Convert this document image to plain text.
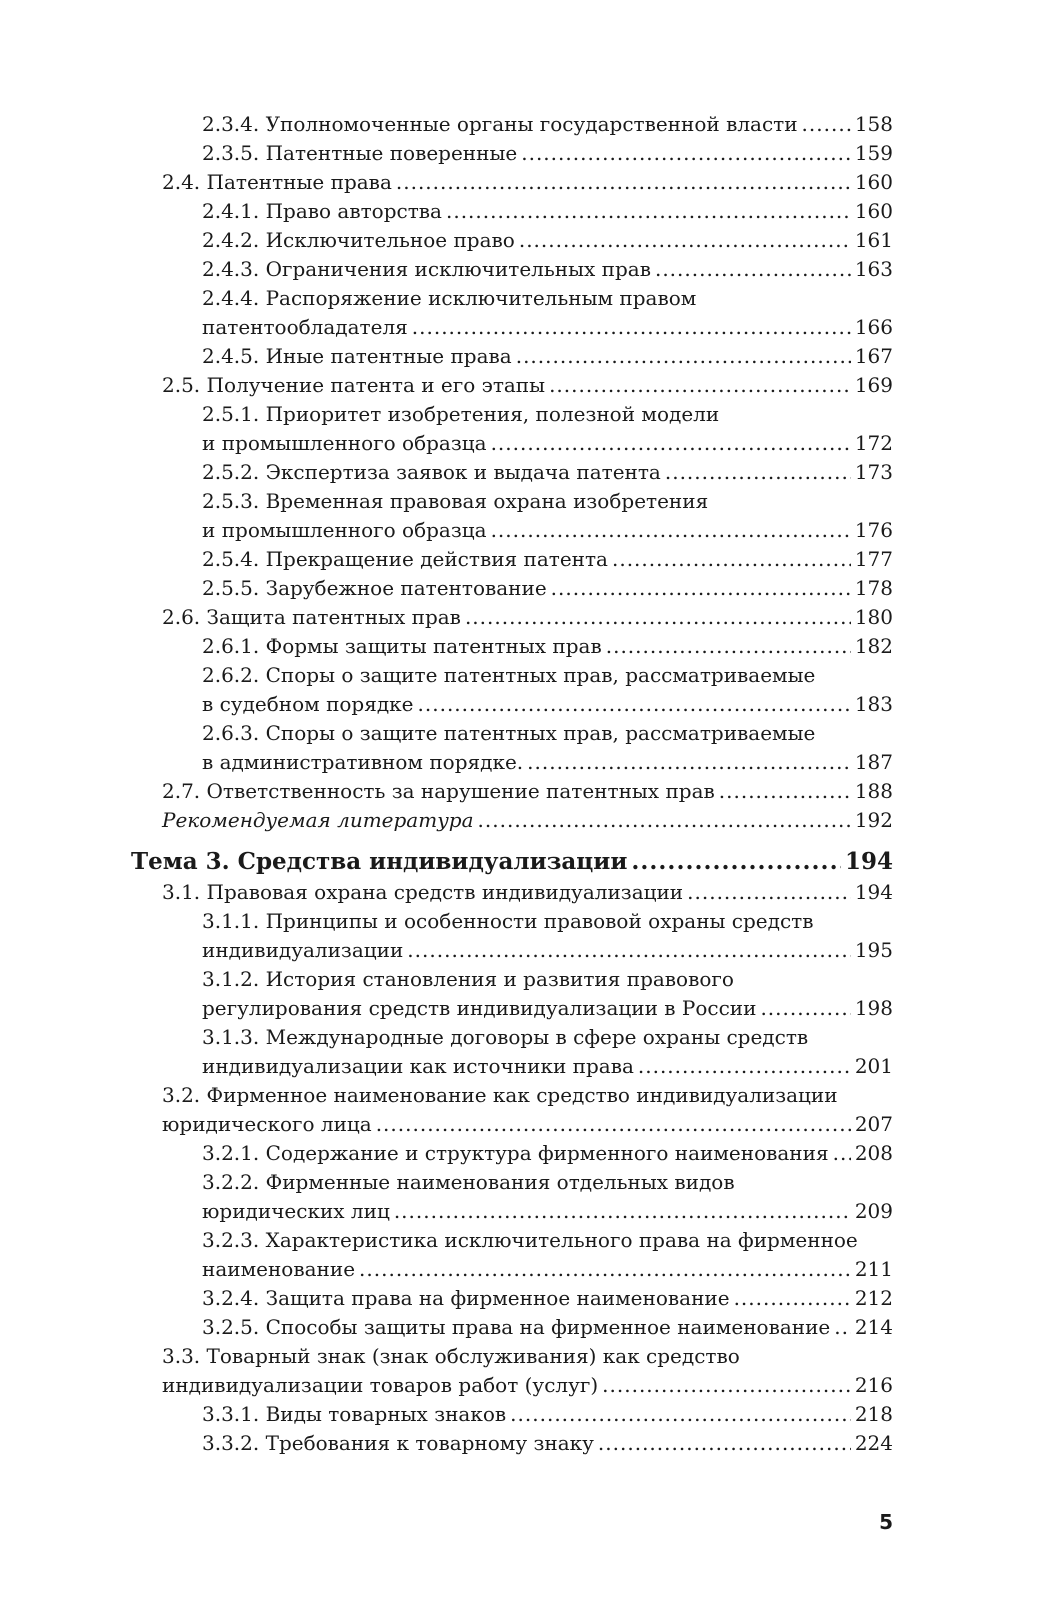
2.3.4. Уполномоченные органы государственной власти .....	158
2.3.5. Патентные поверенные .....	159
2.4. Патентные права .....	160
2.4.1. Право авторства .....	160
2.4.2. Исключительное право .....	161
2.4.3. Ограничения исключительных прав .....	163
2.4.4. Распоряжение исключительным правом
патентообладателя .....	166
2.4.5. Иные патентные права .....	167
2.5. Получение патента и его этапы .....	169
2.5.1. Приоритет изобретения, полезной модели
и промышленного образца .....	172
2.5.2. Экспертиза заявок и выдача патента .....	173
2.5.3. Временная правовая охрана изобретения
и промышленного образца .....	176
2.5.4. Прекращение действия патента .....	177
2.5.5. Зарубежное патентование .....	178
2.6. Защита патентных прав .....	180
2.6.1. Формы защиты патентных прав .....	182
2.6.2. Споры о защите патентных прав, рассматриваемые
в судебном порядке .....	183
2.6.3. Споры о защите патентных прав, рассматриваемые
в административном порядке. .....	187
2.7. Ответственность за нарушение патентных прав .....	188
Рекомендуемая литература .....	192
Тема 3. Средства индивидуализации .....	194
3.1. Правовая охрана средств индивидуализации .....	194
3.1.1. Принципы и особенности правовой охраны средств
индивидуализации .....	195
3.1.2. История становления и развития правового
регулирования средств индивидуализации в России .....	198
3.1.3. Международные договоры в сфере охраны средств
индивидуализации как источники права .....	201
3.2. Фирменное наименование как средство индивидуализации
юридического лица .....	207
3.2.1. Содержание и структура фирменного наименования ..... 208
3.2.2. Фирменные наименования отдельных видов
юридических лиц .....	209
3.2.3. Характеристика исключительного права на фирменное
наименование .....	211
3.2.4. Защита права на фирменное наименование .....	212
3.2.5. Способы защиты права на фирменное наименование ..... 214
3.3. Товарный знак (знак обслуживания) как средство
индивидуализации товаров работ (услуг) .....	216
3.3.1. Виды товарных знаков .....	218
3.3.2. Требования к товарному знаку .....	224
5
